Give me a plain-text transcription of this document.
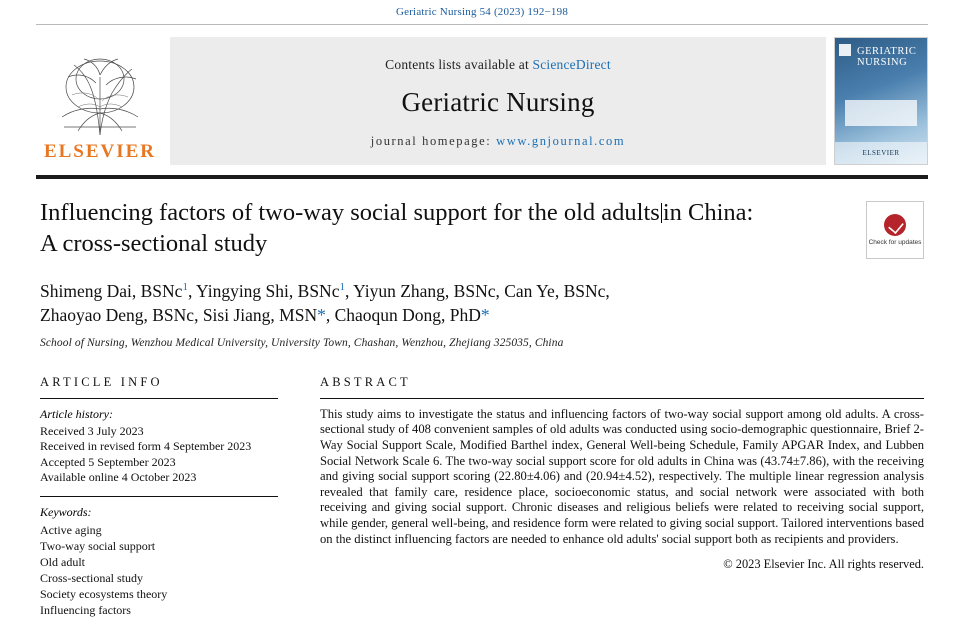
Geriatric Nursing 54 (2023) 192−198
ELSEVIER
Contents lists available at ScienceDirect
Geriatric Nursing
journal homepage: www.gnjournal.com
GERIATRIC NURSING
ELSEVIER
Influencing factors of two-way social support for the old adults in China:
A cross-sectional study	Check for updates
Shimeng Dai, BSNc$^1$, Yingying Shi, BSNc$^1$, Yiyun Zhang, BSNc, Can Ye, BSNc,
Zhaoyao Deng, BSNc, Sisi Jiang, MSN*, Chaoqun Dong, PhD*
School of Nursing, Wenzhou Medical University, University Town, Chashan, Wenzhou, Zhejiang 325035, China
ARTICLE INFO
Article history:
Received 3 July 2023
Received in revised form 4 September 2023
Accepted 5 September 2023
Available online 4 October 2023
Keywords:
Active aging
Two-way social support
Old adult
Cross-sectional study
Society ecosystems theory
Influencing factors
ABSTRACT
This study aims to investigate the status and influencing factors of two-way social support among old adults. A cross-sectional study of 408 convenient samples of old adults was conducted using socio-demographic questionnaire, Brief 2-Way Social Support Scale, Modified Barthel index, General Well-being Schedule, Family APGAR Index, and Lubben Social Network Scale 6. The two-way social support score for old adults in China was (43.74±7.86), with the receiving and giving social support scoring (22.80±4.06) and (20.94±4.52), respectively. The multiple linear regression analysis revealed that family care, residence place, socioeconomic status, and social network were associated with both receiving and giving social support. Chronic diseases and religious beliefs were related to receiving social support, while gender, general well-being, and residence form were related to giving social support. Tailored interventions based on the distinct influencing factors are needed to enhance old adults' social support both as recipients and providers.
© 2023 Elsevier Inc. All rights reserved.
